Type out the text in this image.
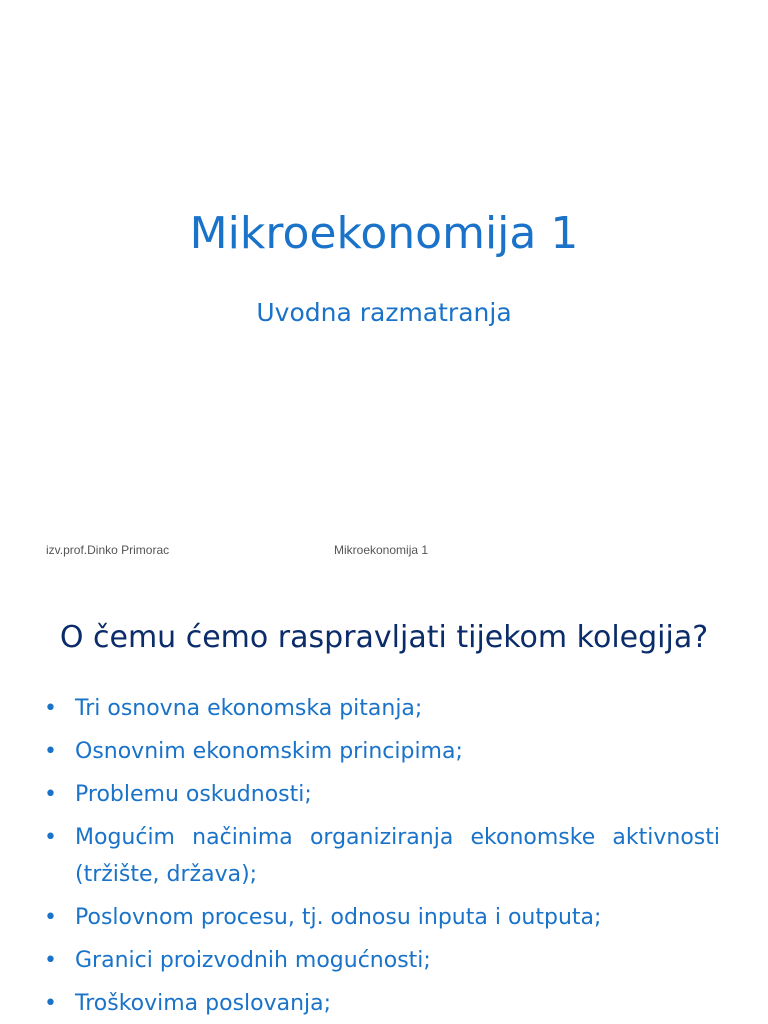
Mikroekonomija 1
Uvodna razmatranja
izv.prof.Dinko Primorac	Mikroekonomija 1
O čemu ćemo raspravljati tijekom kolegija?
• Tri osnovna ekonomska pitanja;
• Osnovnim ekonomskim principima;
• Problemu oskudnosti;
• Mogućim načinima organiziranja ekonomske aktivnosti (tržište, država);
• Poslovnom procesu, tj. odnosu inputa i outputa;
• Granici proizvodnih mogućnosti;
• Troškovima poslovanja;
